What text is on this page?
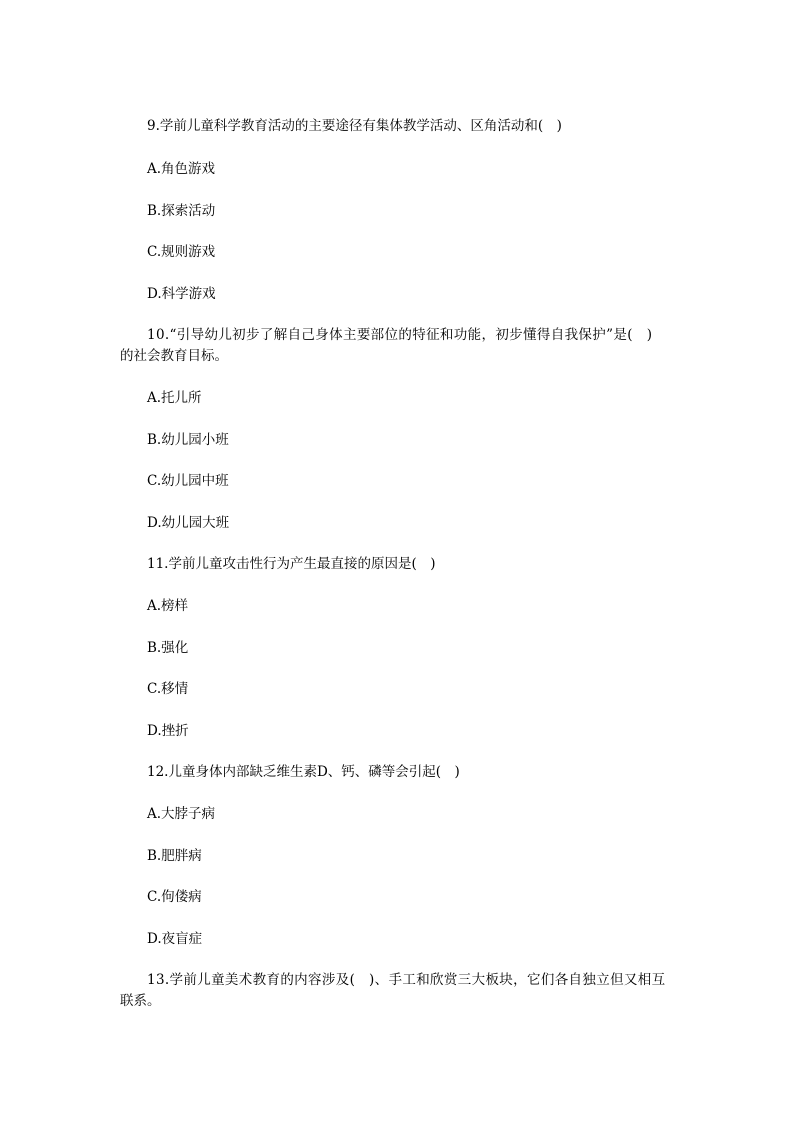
9.学前儿童科学教育活动的主要途径有集体教学活动、区角活动和(　)
A.角色游戏
B.探索活动
C.规则游戏
D.科学游戏
10.“引导幼儿初步了解自己身体主要部位的特征和功能，初步懂得自我保护”是(　)
的社会教育目标。
A.托儿所
B.幼儿园小班
C.幼儿园中班
D.幼儿园大班
11.学前儿童攻击性行为产生最直接的原因是(　)
A.榜样
B.强化
C.移情
D.挫折
12.儿童身体内部缺乏维生素D、钙、磷等会引起(　)
A.大脖子病
B.肥胖病
C.佝偻病
D.夜盲症
13.学前儿童美术教育的内容涉及(　)、手工和欣赏三大板块，它们各自独立但又相互
联系。
